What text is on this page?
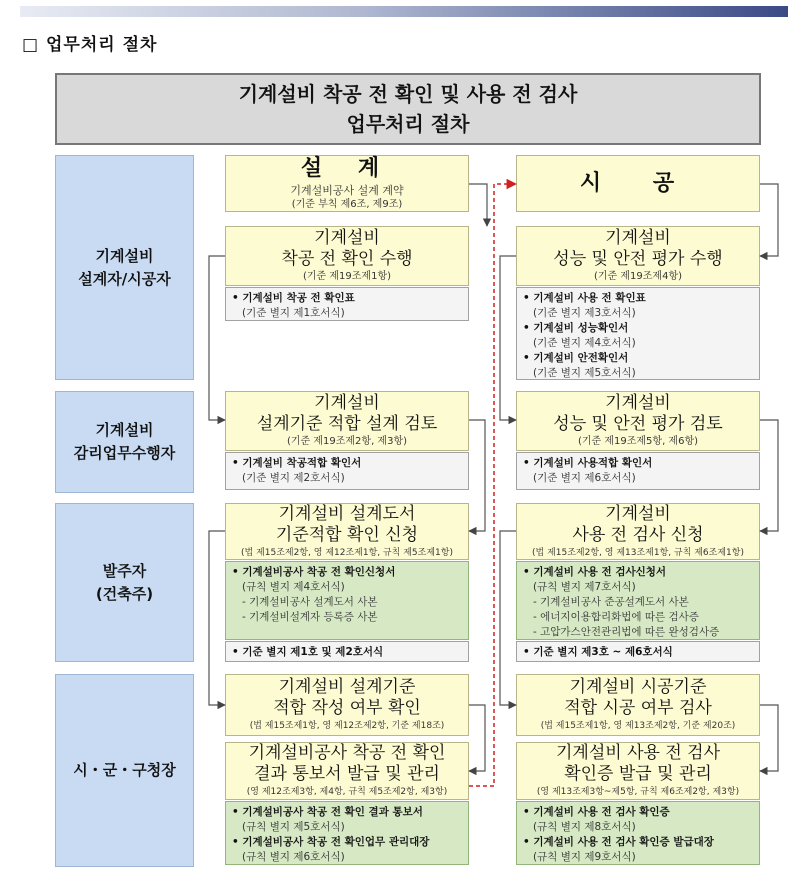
□ 업무처리 절차
기계설비 착공 전 확인 및 사용 전 검사
업무처리 절차
기계설비
설계자/시공자
기계설비
감리업무수행자
발주자
(건축주)
시・군・구청장
설 계
기계설비공사 설계 계약
(기준 부칙 제6조, 제9조)
기계설비
착공 전 확인 수행
(기준 제19조제1항)
• 기계설비 착공 전 확인표
(기준 별지 제1호서식)
기계설비
설계기준 적합 설계 검토
(기준 제19조제2항, 제3항)
• 기계설비 착공적합 확인서
(기준 별지 제2호서식)
기계설비 설계도서
기준적합 확인 신청
(법 제15조제2항, 영 제12조제1항, 규칙 제5조제1항)
• 기계설비공사 착공 전 확인신청서
(규칙 별지 제4호서식)
- 기계설비공사 설계도서 사본
- 기계설비설계자 등록증 사본
• 기준 별지 제1호 및 제2호서식
기계설비 설계기준
적합 작성 여부 확인
(법 제15조제1항, 영 제12조제2항, 기준 제18조)
기계설비공사 착공 전 확인
결과 통보서 발급 및 관리
(영 제12조제3항, 제4항, 규칙 제5조제2항, 제3항)
• 기계설비공사 착공 전 확인 결과 통보서
(규칙 별지 제5호서식)
• 기계설비공사 착공 전 확인업무 관리대장
(규칙 별지 제6호서식)
시 공
기계설비
성능 및 안전 평가 수행
(기준 제19조제4항)
• 기계설비 사용 전 확인표
(기준 별지 제3호서식)
• 기계설비 성능확인서
(기준 별지 제4호서식)
• 기계설비 안전확인서
(기준 별지 제5호서식)
기계설비
성능 및 안전 평가 검토
(기준 제19조제5항, 제6항)
• 기계설비 사용적합 확인서
(기준 별지 제6호서식)
기계설비
사용 전 검사 신청
(법 제15조제2항, 영 제13조제1항, 규칙 제6조제1항)
• 기계설비 사용 전 검사신청서
(규칙 별지 제7호서식)
- 기계설비공사 준공설계도서 사본
- 에너지이용합리화법에 따른 검사증
- 고압가스안전관리법에 따른 완성검사증
• 기준 별지 제3호 ~ 제6호서식
기계설비 시공기준
적합 시공 여부 검사
(법 제15조제1항, 영 제13조제2항, 기준 제20조)
기계설비 사용 전 검사
확인증 발급 및 관리
(영 제13조제3항~제5항, 규칙 제6조제2항, 제3항)
• 기계설비 사용 전 검사 확인증
(규칙 별지 제8호서식)
• 기계설비 사용 전 검사 확인증 발급대장
(규칙 별지 제9호서식)
